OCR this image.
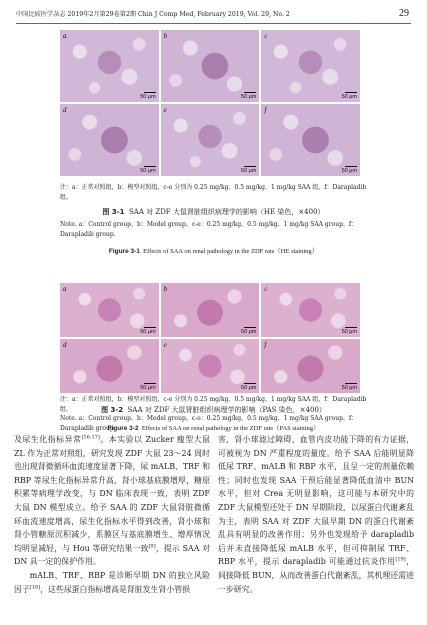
中国比较医学杂志 2019年2月第29卷第2期 Chin J Comp Med, February 2019, Vol. 29, No. 2	29
a
50 μm
b
50 μm
c
50 μm
d
50 μm
e
50 μm
f
50 μm
注：a：正常对照组，b：模型对照组，c-e 分别为 0.25 mg/kg、0.5 mg/kg、1 mg/kg SAA 组，f：Darapladib 组。
图 3-1 SAA 对 ZDF 大鼠肾脏组织病理学的影响（HE 染色，×400）
Note. a：Control group，b：Model group，c-e：0.25 mg/kg，0.5 mg/kg，1 mg/kg SAA group，f：Darapladib group.
Figure 3-1 Effects of SAA on renal pathology in the ZDF rats（HE staining）
a
50 μm
b
50 μm
c
50 μm
d
50 μm
e
50 μm
f
50 μm
注：a：正常对照组，b：模型对照组，c-e 分别为 0.25 mg/kg、0.5 mg/kg、1 mg/kg SAA 组，f：Darapladib 组。	图 3-2 SAA 对 ZDF 大鼠肾脏组织病理学的影响（PAS 染色，×400）
Note. a：Control group，b：Model group，c-e：0.25 mg/kg，0.5 mg/kg，1 mg/kg SAA group，f：Darapladib group.
Figure 3-2 Effects of SAA on renal pathology in the ZDF rats（PAS staining）

及尿生化指标异常[16-17]。本实验以 Zucker 瘦型大鼠 ZL 作为正常对照组，研究发现 ZDF 大鼠 23～24 周时也出现肾微循环血流速度显著下降，尿 mALB、TRF 和 RBP 等尿生化指标异常升高，肾小球基底膜增厚，糖原积累等病理学改变，与 DN 临床表现一致，表明 ZDF 大鼠 DN 模型成立。给予 SAA 的 ZDF 大鼠肾脏微循环血流速度增高，尿生化指标水平得到改善，肾小球和肾小管糖原沉积减少，系膜区与基底膜增生、增厚情况均明显减轻，与 Hou 等研究结果一致[9]，提示 SAA 对 DN 具一定的保护作用。

mALB、TRF、RBP 是诊断早期 DN 的独立风险因子[18]，这些尿蛋白指标增高是肾脏发生肾小管损

害，肾小球滤过障碍、血管内皮功能下降的有力证据，可被视为 DN 严重程度的量度。给予 SAA 后能明显降低尿 TRF、mALB 和 RBP 水平，且呈一定的剂量依赖性；同时也发现 SAA 干预后能显著降低血清中 BUN 水平，但对 Crea 无明显影响，这可能与本研究中的 ZDF 大鼠模型还处于 DN 早期阶段，以尿蛋白代谢紊乱为主，表明 SAA 对 ZDF 大鼠早期 DN 的蛋白代谢紊乱具有明显的改善作用；另外也发现给予 darapladib 后并未直接降低尿 mALB 水平，但可抑制尿 TRF、RBP 水平，提示 darapladib 可能通过抗炎作用[19]，间接降低 BUN，从而改善蛋白代谢紊乱，其机理还需进一步研究。
